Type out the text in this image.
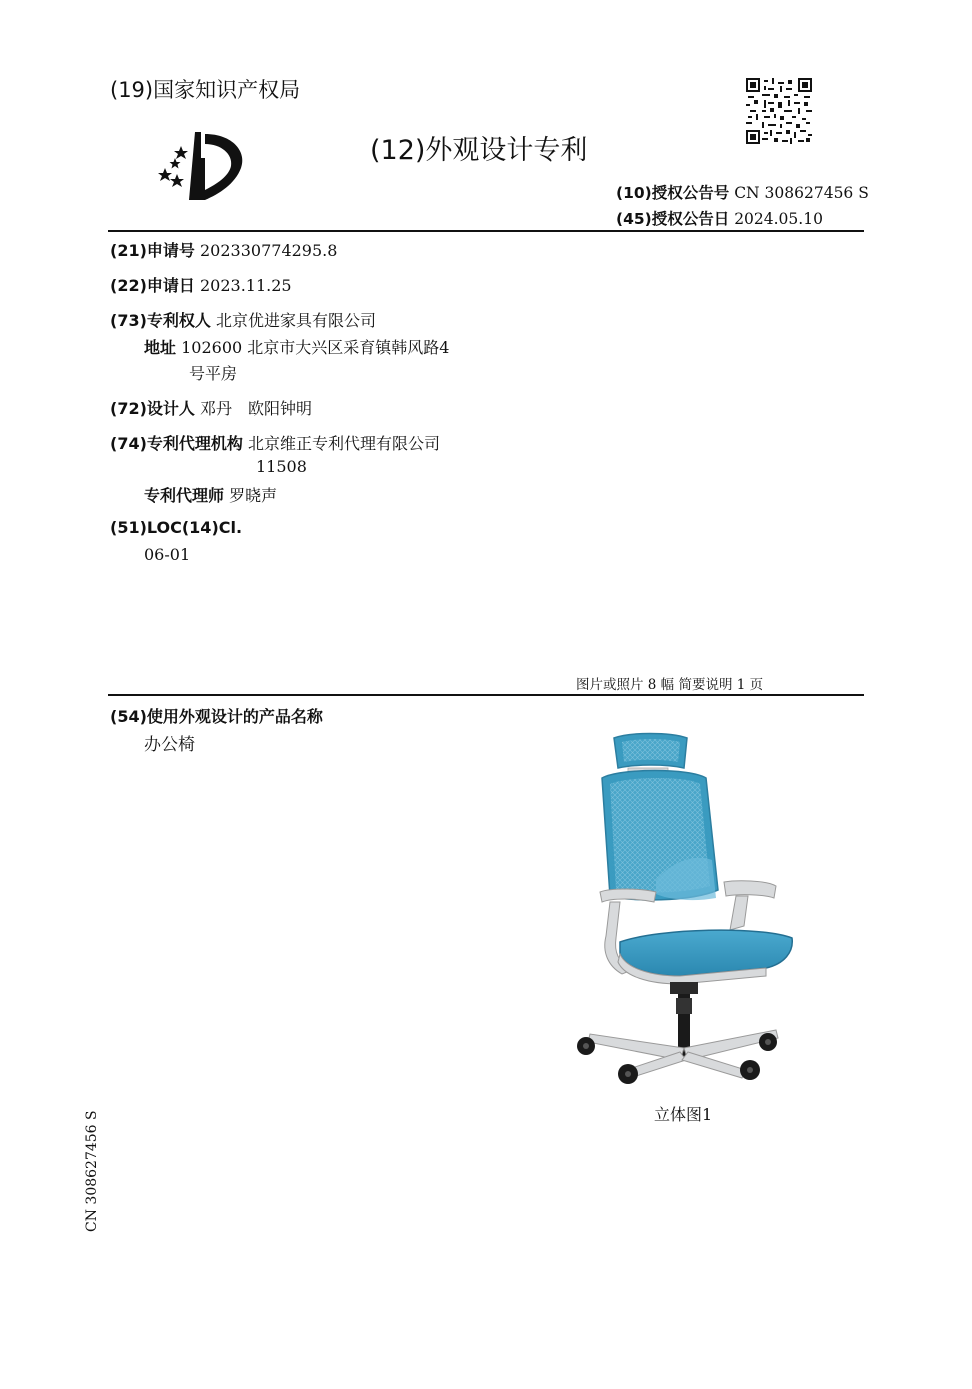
(19)国家知识产权局
(12)外观设计专利
(10)授权公告号 CN 308627456 S
(45)授权公告日 2024.05.10
(21)申请号 202330774295.8
(22)申请日 2023.11.25
(73)专利权人 北京优进家具有限公司
地址 102600 北京市大兴区采育镇韩风路4
号平房
(72)设计人 邓丹　欧阳钟明
(74)专利代理机构 北京维正专利代理有限公司
11508
专利代理师 罗晓声
(51)LOC(14)Cl.
06-01
图片或照片 8 幅 简要说明 1 页
(54)使用外观设计的产品名称
办公椅
立体图1
CN 308627456 S
